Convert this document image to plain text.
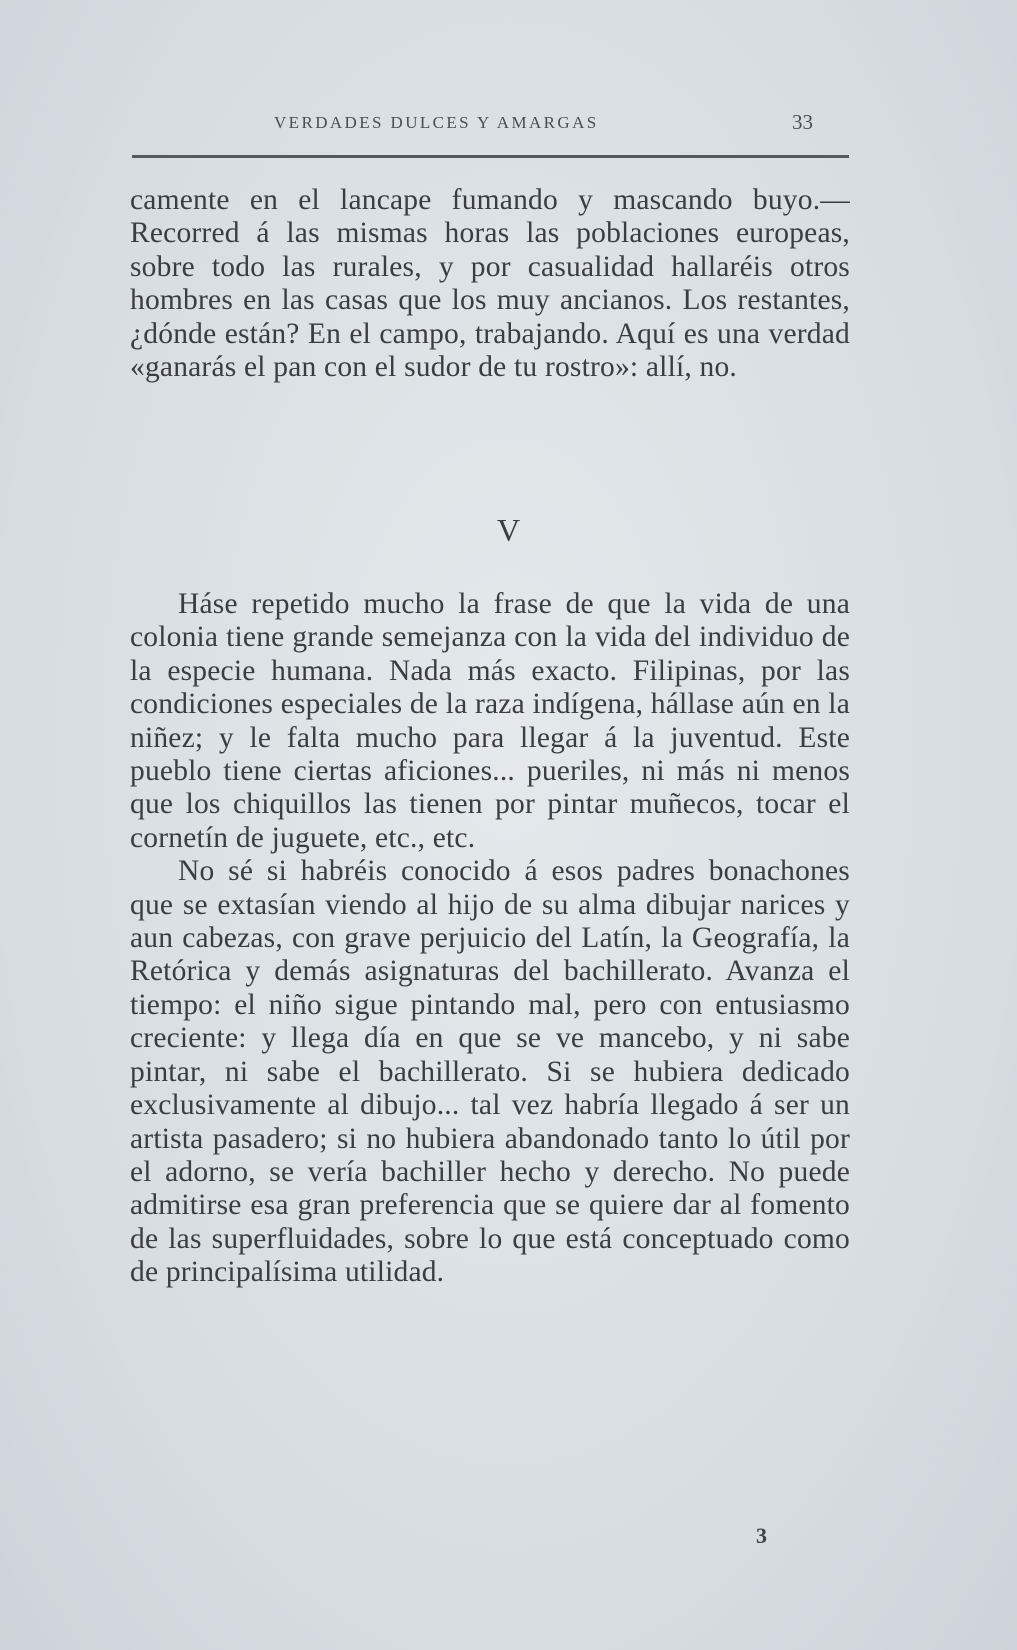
VERDADES DULCES Y AMARGAS	33

camente en el lancape fumando y mascando buyo.—Recorred á las mismas horas las poblaciones europeas, sobre todo las rurales, y por casualidad hallaréis otros hombres en las casas que los muy ancianos. Los restantes, ¿dónde están? En el campo, trabajando. Aquí es una verdad «ganarás el pan con el sudor de tu rostro»: allí, no.

V

Háse repetido mucho la frase de que la vida de una colonia tiene grande semejanza con la vida del individuo de la especie humana. Nada más exacto. Filipinas, por las condiciones especiales de la raza indígena, hállase aún en la niñez; y le falta mucho para llegar á la juventud. Este pueblo tiene ciertas aficiones... pueriles, ni más ni menos que los chiquillos las tienen por pintar muñecos, tocar el cornetín de juguete, etc., etc.

No sé si habréis conocido á esos padres bonachones que se extasían viendo al hijo de su alma dibujar narices y aun cabezas, con grave perjuicio del Latín, la Geografía, la Retórica y demás asignaturas del bachillerato. Avanza el tiempo: el niño sigue pintando mal, pero con entusiasmo creciente: y llega día en que se ve mancebo, y ni sabe pintar, ni sabe el bachillerato. Si se hubiera dedicado exclusivamente al dibujo... tal vez habría llegado á ser un artista pasadero; si no hubiera abandonado tanto lo útil por el adorno, se vería bachiller hecho y derecho. No puede admitirse esa gran preferencia que se quiere dar al fomento de las superfluidades, sobre lo que está conceptuado como de principalísima utilidad.

3
